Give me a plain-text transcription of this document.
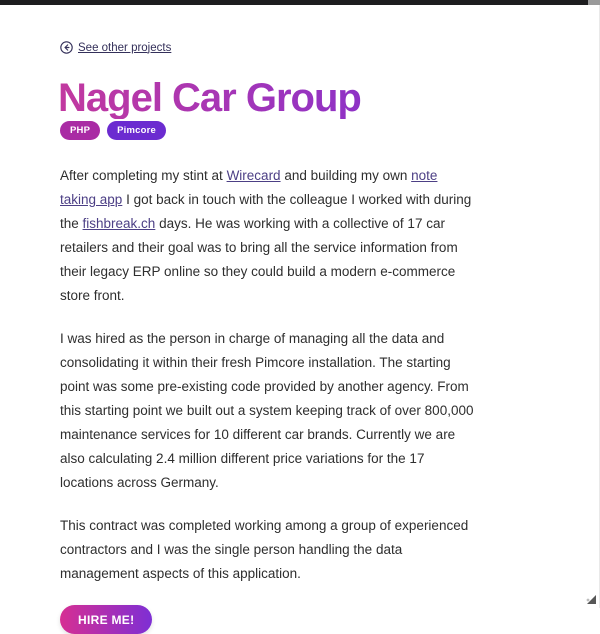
See other projects
Nagel Car Group
PHP	Pimcore

After completing my stint at Wirecard and building my own note taking app I got back in touch with the colleague I worked with during the fishbreak.ch days. He was working with a collective of 17 car retailers and their goal was to bring all the service information from their legacy ERP online so they could build a modern e-commerce store front.

I was hired as the person in charge of managing all the data and consolidating it within their fresh Pimcore installation. The starting point was some pre-existing code provided by another agency. From this starting point we built out a system keeping track of over 800,000 maintenance services for 10 different car brands. Currently we are also calculating 2.4 million different price variations for the 17 locations across Germany.

This contract was completed working among a group of experienced contractors and I was the single person handling the data management aspects of this application.

HIRE ME!
